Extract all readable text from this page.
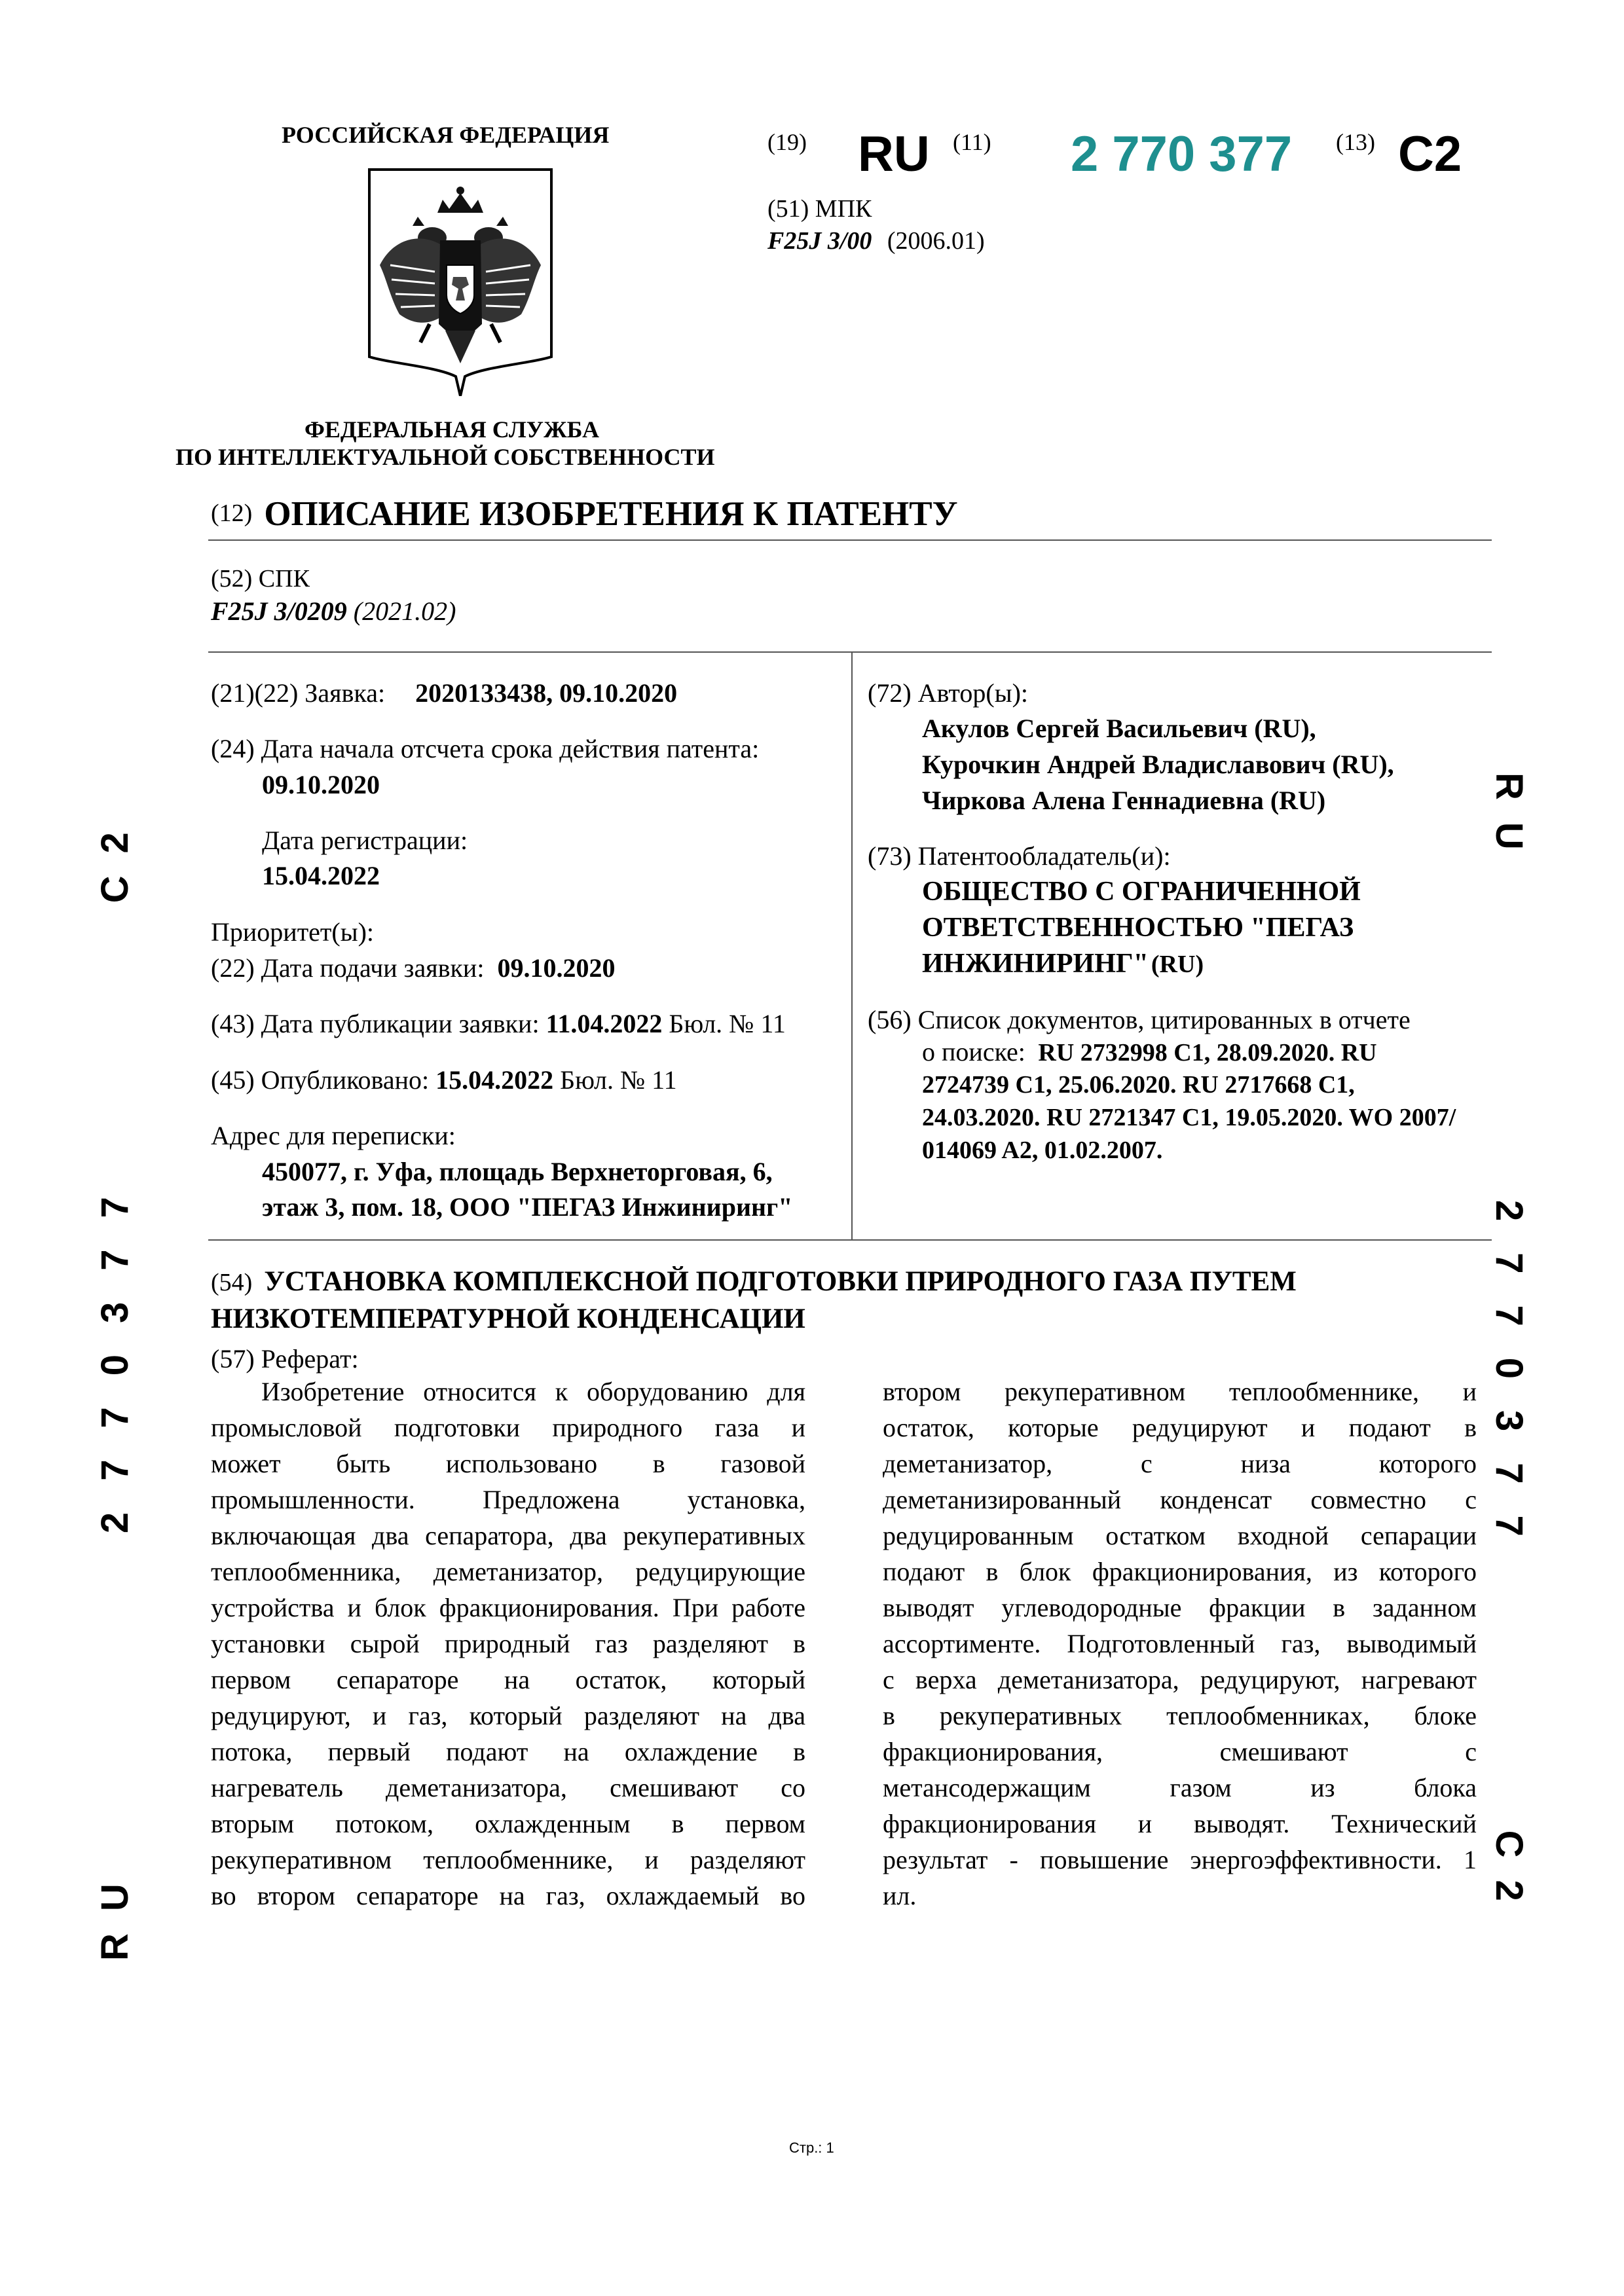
РОССИЙСКАЯ ФЕДЕРАЦИЯ
ФЕДЕРАЛЬНАЯ СЛУЖБА
ПО ИНТЕЛЛЕКТУАЛЬНОЙ СОБСТВЕННОСТИ
(19) RU (11) 2 770 377 (13) C2
(51) МПК
F25J 3/00 (2006.01)
(12) ОПИСАНИЕ ИЗОБРЕТЕНИЯ К ПАТЕНТУ
(52) СПК
F25J 3/0209 (2021.02)
(21)(22) Заявка: 2020133438, 09.10.2020
(24) Дата начала отсчета срока действия патента:
09.10.2020
Дата регистрации:
15.04.2022
Приоритет(ы):
(22) Дата подачи заявки: 09.10.2020
(43) Дата публикации заявки: 11.04.2022 Бюл. № 11
(45) Опубликовано: 15.04.2022 Бюл. № 11
Адрес для переписки:
450077, г. Уфа, площадь Верхнеторговая, 6,
этаж 3, пом. 18, ООО "ПЕГАЗ Инжиниринг"
(72) Автор(ы):
Акулов Сергей Васильевич (RU),
Курочкин Андрей Владиславович (RU),
Чиркова Алена Геннадиевна (RU)
(73) Патентообладатель(и):
ОБЩЕСТВО С ОГРАНИЧЕННОЙ
ОТВЕТСТВЕННОСТЬЮ "ПЕГАЗ
ИНЖИНИРИНГ" (RU)
(56) Список документов, цитированных в отчете
о поиске: RU 2732998 C1, 28.09.2020. RU
2724739 C1, 25.06.2020. RU 2717668 C1,
24.03.2020. RU 2721347 C1, 19.05.2020. WO 2007/
014069 A2, 01.02.2007.
(54) УСТАНОВКА КОМПЛЕКСНОЙ ПОДГОТОВКИ ПРИРОДНОГО ГАЗА ПУТЕМ
НИЗКОТЕМПЕРАТУРНОЙ КОНДЕНСАЦИИ
(57) Реферат:
Изобретение относится к оборудованию для
промысловой подготовки природного газа и
может быть использовано в газовой
промышленности. Предложена установка,
включающая два сепаратора, два рекуперативных
теплообменника, деметанизатор, редуцирующие
устройства и блок фракционирования. При работе
установки сырой природный газ разделяют в
первом сепараторе на остаток, который
редуцируют, и газ, который разделяют на два
потока, первый подают на охлаждение в
нагреватель деметанизатора, смешивают со
вторым потоком, охлажденным в первом
рекуперативном теплообменнике, и разделяют
во втором сепараторе на газ, охлаждаемый во
втором рекуперативном теплообменнике, и
остаток, которые редуцируют и подают в
деметанизатор, с низа которого
деметанизированный конденсат совместно с
редуцированным остатком входной сепарации
подают в блок фракционирования, из которого
выводят углеводородные фракции в заданном
ассортименте. Подготовленный газ, выводимый
с верха деметанизатора, редуцируют, нагревают
в рекуперативных теплообменниках, блоке
фракционирования, смешивают с
метансодержащим газом из блока
фракционирования и выводят. Технический
результат - повышение энергоэффективности. 1
ил.
RU          2770377        C2	RU          2770377        C2
Стр.: 1
